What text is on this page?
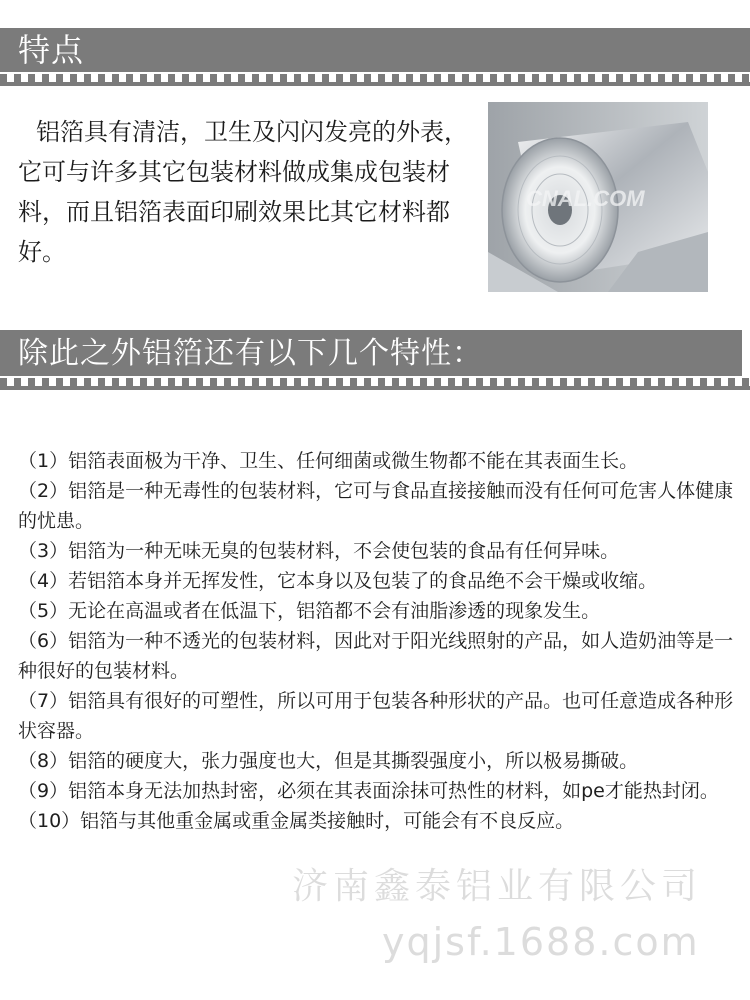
特点

铝箔具有清洁，卫生及闪闪发亮的外表，它可与许多其它包装材料做成集成包装材料，而且铝箔表面印刷效果比其它材料都好。

CNAL.COM
除此之外铝箔还有以下几个特性：

（1）铝箔表面极为干净、卫生、任何细菌或微生物都不能在其表面生长。

（2）铝箔是一种无毒性的包装材料，它可与食品直接接触而没有任何可危害人体健康的忧患。

（3）铝箔为一种无味无臭的包装材料，不会使包装的食品有任何异味。

（4）若铝箔本身并无挥发性，它本身以及包装了的食品绝不会干燥或收缩。

（5）无论在高温或者在低温下，铝箔都不会有油脂渗透的现象发生。

（6）铝箔为一种不透光的包装材料，因此对于阳光线照射的产品，如人造奶油等是一种很好的包装材料。

（7）铝箔具有很好的可塑性，所以可用于包装各种形状的产品。也可任意造成各种形状容器。

（8）铝箔的硬度大，张力强度也大，但是其撕裂强度小，所以极易撕破。

（9）铝箔本身无法加热封密，必须在其表面涂抹可热性的材料，如pe才能热封闭。

（10）铝箔与其他重金属或重金属类接触时，可能会有不良反应。

济南鑫泰铝业有限公司
yqjsf.1688.com
